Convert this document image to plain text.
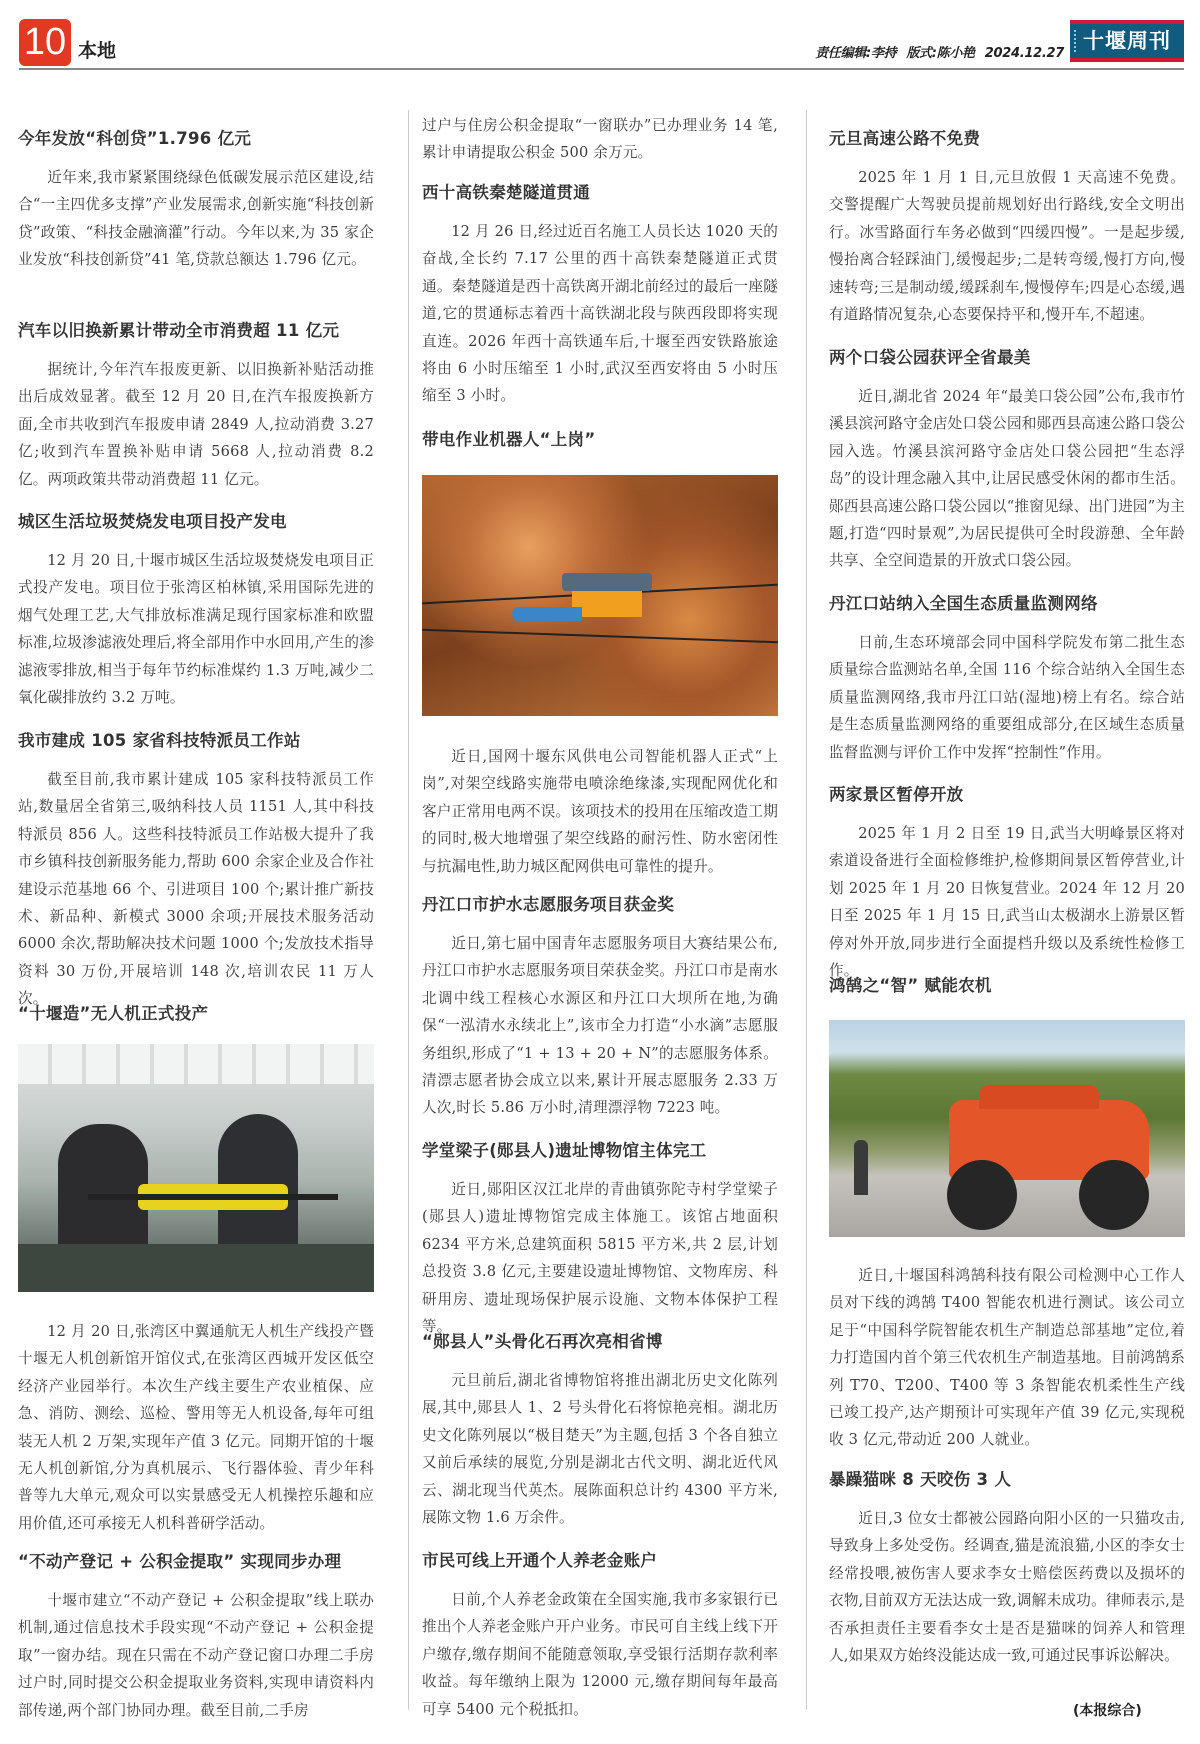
10 本地	责任编辑:李持 版式:陈小艳 2024.12.27
十堰周刊
今年发放“科创贷”1.796 亿元

近年来,我市紧紧围绕绿色低碳发展示范区建设,结合“一主四优多支撑”产业发展需求,创新实施“科技创新贷”政策、“科技金融滴灌”行动。今年以来,为 35 家企业发放“科技创新贷”41 笔,贷款总额达 1.796 亿元。

汽车以旧换新累计带动全市消费超 11 亿元

据统计,今年汽车报废更新、以旧换新补贴活动推出后成效显著。截至 12 月 20 日,在汽车报废换新方面,全市共收到汽车报废申请 2849 人,拉动消费 3.27 亿;收到汽车置换补贴申请 5668 人,拉动消费 8.2 亿。两项政策共带动消费超 11 亿元。

城区生活垃圾焚烧发电项目投产发电

12 月 20 日,十堰市城区生活垃圾焚烧发电项目正式投产发电。项目位于张湾区柏林镇,采用国际先进的烟气处理工艺,大气排放标准满足现行国家标准和欧盟标准,垃圾渗滤液处理后,将全部用作中水回用,产生的渗滤液零排放,相当于每年节约标准煤约 1.3 万吨,减少二氧化碳排放约 3.2 万吨。

我市建成 105 家省科技特派员工作站

截至目前,我市累计建成 105 家科技特派员工作站,数量居全省第三,吸纳科技人员 1151 人,其中科技特派员 856 人。这些科技特派员工作站极大提升了我市乡镇科技创新服务能力,帮助 600 余家企业及合作社建设示范基地 66 个、引进项目 100 个;累计推广新技术、新品种、新模式 3000 余项;开展技术服务活动 6000 余次,帮助解决技术问题 1000 个;发放技术指导资料 30 万份,开展培训 148 次,培训农民 11 万人次。

“十堰造”无人机正式投产

12 月 20 日,张湾区中翼通航无人机生产线投产暨十堰无人机创新馆开馆仪式,在张湾区西城开发区低空经济产业园举行。本次生产线主要生产农业植保、应急、消防、测绘、巡检、警用等无人机设备,每年可组装无人机 2 万架,实现年产值 3 亿元。同期开馆的十堰无人机创新馆,分为真机展示、飞行器体验、青少年科普等九大单元,观众可以实景感受无人机操控乐趣和应用价值,还可承接无人机科普研学活动。

“不动产登记 + 公积金提取” 实现同步办理

十堰市建立“不动产登记 + 公积金提取”线上联办机制,通过信息技术手段实现“不动产登记 + 公积金提取”一窗办结。现在只需在不动产登记窗口办理二手房过户时,同时提交公积金提取业务资料,实现申请资料内部传递,两个部门协同办理。截至目前,二手房

过户与住房公积金提取“一窗联办”已办理业务 14 笔,累计申请提取公积金 500 余万元。

西十高铁秦楚隧道贯通

12 月 26 日,经过近百名施工人员长达 1020 天的奋战,全长约 7.17 公里的西十高铁秦楚隧道正式贯通。秦楚隧道是西十高铁离开湖北前经过的最后一座隧道,它的贯通标志着西十高铁湖北段与陕西段即将实现直连。2026 年西十高铁通车后,十堰至西安铁路旅途将由 6 小时压缩至 1 小时,武汉至西安将由 5 小时压缩至 3 小时。

带电作业机器人“上岗”

近日,国网十堰东风供电公司智能机器人正式“上岗”,对架空线路实施带电喷涂绝缘漆,实现配网优化和客户正常用电两不误。该项技术的投用在压缩改造工期的同时,极大地增强了架空线路的耐污性、防水密闭性与抗漏电性,助力城区配网供电可靠性的提升。

丹江口市护水志愿服务项目获金奖

近日,第七届中国青年志愿服务项目大赛结果公布,丹江口市护水志愿服务项目荣获金奖。丹江口市是南水北调中线工程核心水源区和丹江口大坝所在地,为确保“一泓清水永续北上”,该市全力打造“小水滴”志愿服务组织,形成了“1 + 13 + 20 + N”的志愿服务体系。清漂志愿者协会成立以来,累计开展志愿服务 2.33 万人次,时长 5.86 万小时,清理漂浮物 7223 吨。

学堂梁子(郧县人)遗址博物馆主体完工

近日,郧阳区汉江北岸的青曲镇弥陀寺村学堂梁子(郧县人)遗址博物馆完成主体施工。该馆占地面积 6234 平方米,总建筑面积 5815 平方米,共 2 层,计划总投资 3.8 亿元,主要建设遗址博物馆、文物库房、科研用房、遗址现场保护展示设施、文物本体保护工程等。

“郧县人”头骨化石再次亮相省博

元旦前后,湖北省博物馆将推出湖北历史文化陈列展,其中,郧县人 1、2 号头骨化石将惊艳亮相。湖北历史文化陈列展以“极目楚天”为主题,包括 3 个各自独立又前后承续的展览,分别是湖北古代文明、湖北近代风云、湖北现当代英杰。展陈面积总计约 4300 平方米,展陈文物 1.6 万余件。

市民可线上开通个人养老金账户

日前,个人养老金政策在全国实施,我市多家银行已推出个人养老金账户开户业务。市民可自主线上线下开户缴存,缴存期间不能随意领取,享受银行活期存款利率收益。每年缴纳上限为 12000 元,缴存期间每年最高可享 5400 元个税抵扣。

元旦高速公路不免费

2025 年 1 月 1 日,元旦放假 1 天高速不免费。交警提醒广大驾驶员提前规划好出行路线,安全文明出行。冰雪路面行车务必做到“四缓四慢”。一是起步缓,慢抬离合轻踩油门,缓慢起步;二是转弯缓,慢打方向,慢速转弯;三是制动缓,缓踩刹车,慢慢停车;四是心态缓,遇有道路情况复杂,心态要保持平和,慢开车,不超速。

两个口袋公园获评全省最美

近日,湖北省 2024 年“最美口袋公园”公布,我市竹溪县滨河路守金店处口袋公园和郧西县高速公路口袋公园入选。竹溪县滨河路守金店处口袋公园把“生态浮岛”的设计理念融入其中,让居民感受休闲的都市生活。郧西县高速公路口袋公园以“推窗见绿、出门进园”为主题,打造“四时景观”,为居民提供可全时段游憩、全年龄共享、全空间造景的开放式口袋公园。

丹江口站纳入全国生态质量监测网络

日前,生态环境部会同中国科学院发布第二批生态质量综合监测站名单,全国 116 个综合站纳入全国生态质量监测网络,我市丹江口站(湿地)榜上有名。综合站是生态质量监测网络的重要组成部分,在区域生态质量监督监测与评价工作中发挥“控制性”作用。

两家景区暂停开放

2025 年 1 月 2 日至 19 日,武当大明峰景区将对索道设备进行全面检修维护,检修期间景区暂停营业,计划 2025 年 1 月 20 日恢复营业。2024 年 12 月 20 日至 2025 年 1 月 15 日,武当山太极湖水上游景区暂停对外开放,同步进行全面提档升级以及系统性检修工作。

鸿鹄之“智” 赋能农机

近日,十堰国科鸿鹄科技有限公司检测中心工作人员对下线的鸿鹄 T400 智能农机进行测试。该公司立足于“中国科学院智能农机生产制造总部基地”定位,着力打造国内首个第三代农机生产制造基地。目前鸿鹄系列 T70、T200、T400 等 3 条智能农机柔性生产线已竣工投产,达产期预计可实现年产值 39 亿元,实现税收 3 亿元,带动近 200 人就业。

暴躁猫咪 8 天咬伤 3 人

近日,3 位女士都被公园路向阳小区的一只猫攻击,导致身上多处受伤。经调查,猫是流浪猫,小区的李女士经常投喂,被伤害人要求李女士赔偿医药费以及损坏的衣物,目前双方无法达成一致,调解未成功。律师表示,是否承担责任主要看李女士是否是猫咪的饲养人和管理人,如果双方始终没能达成一致,可通过民事诉讼解决。

(本报综合)
